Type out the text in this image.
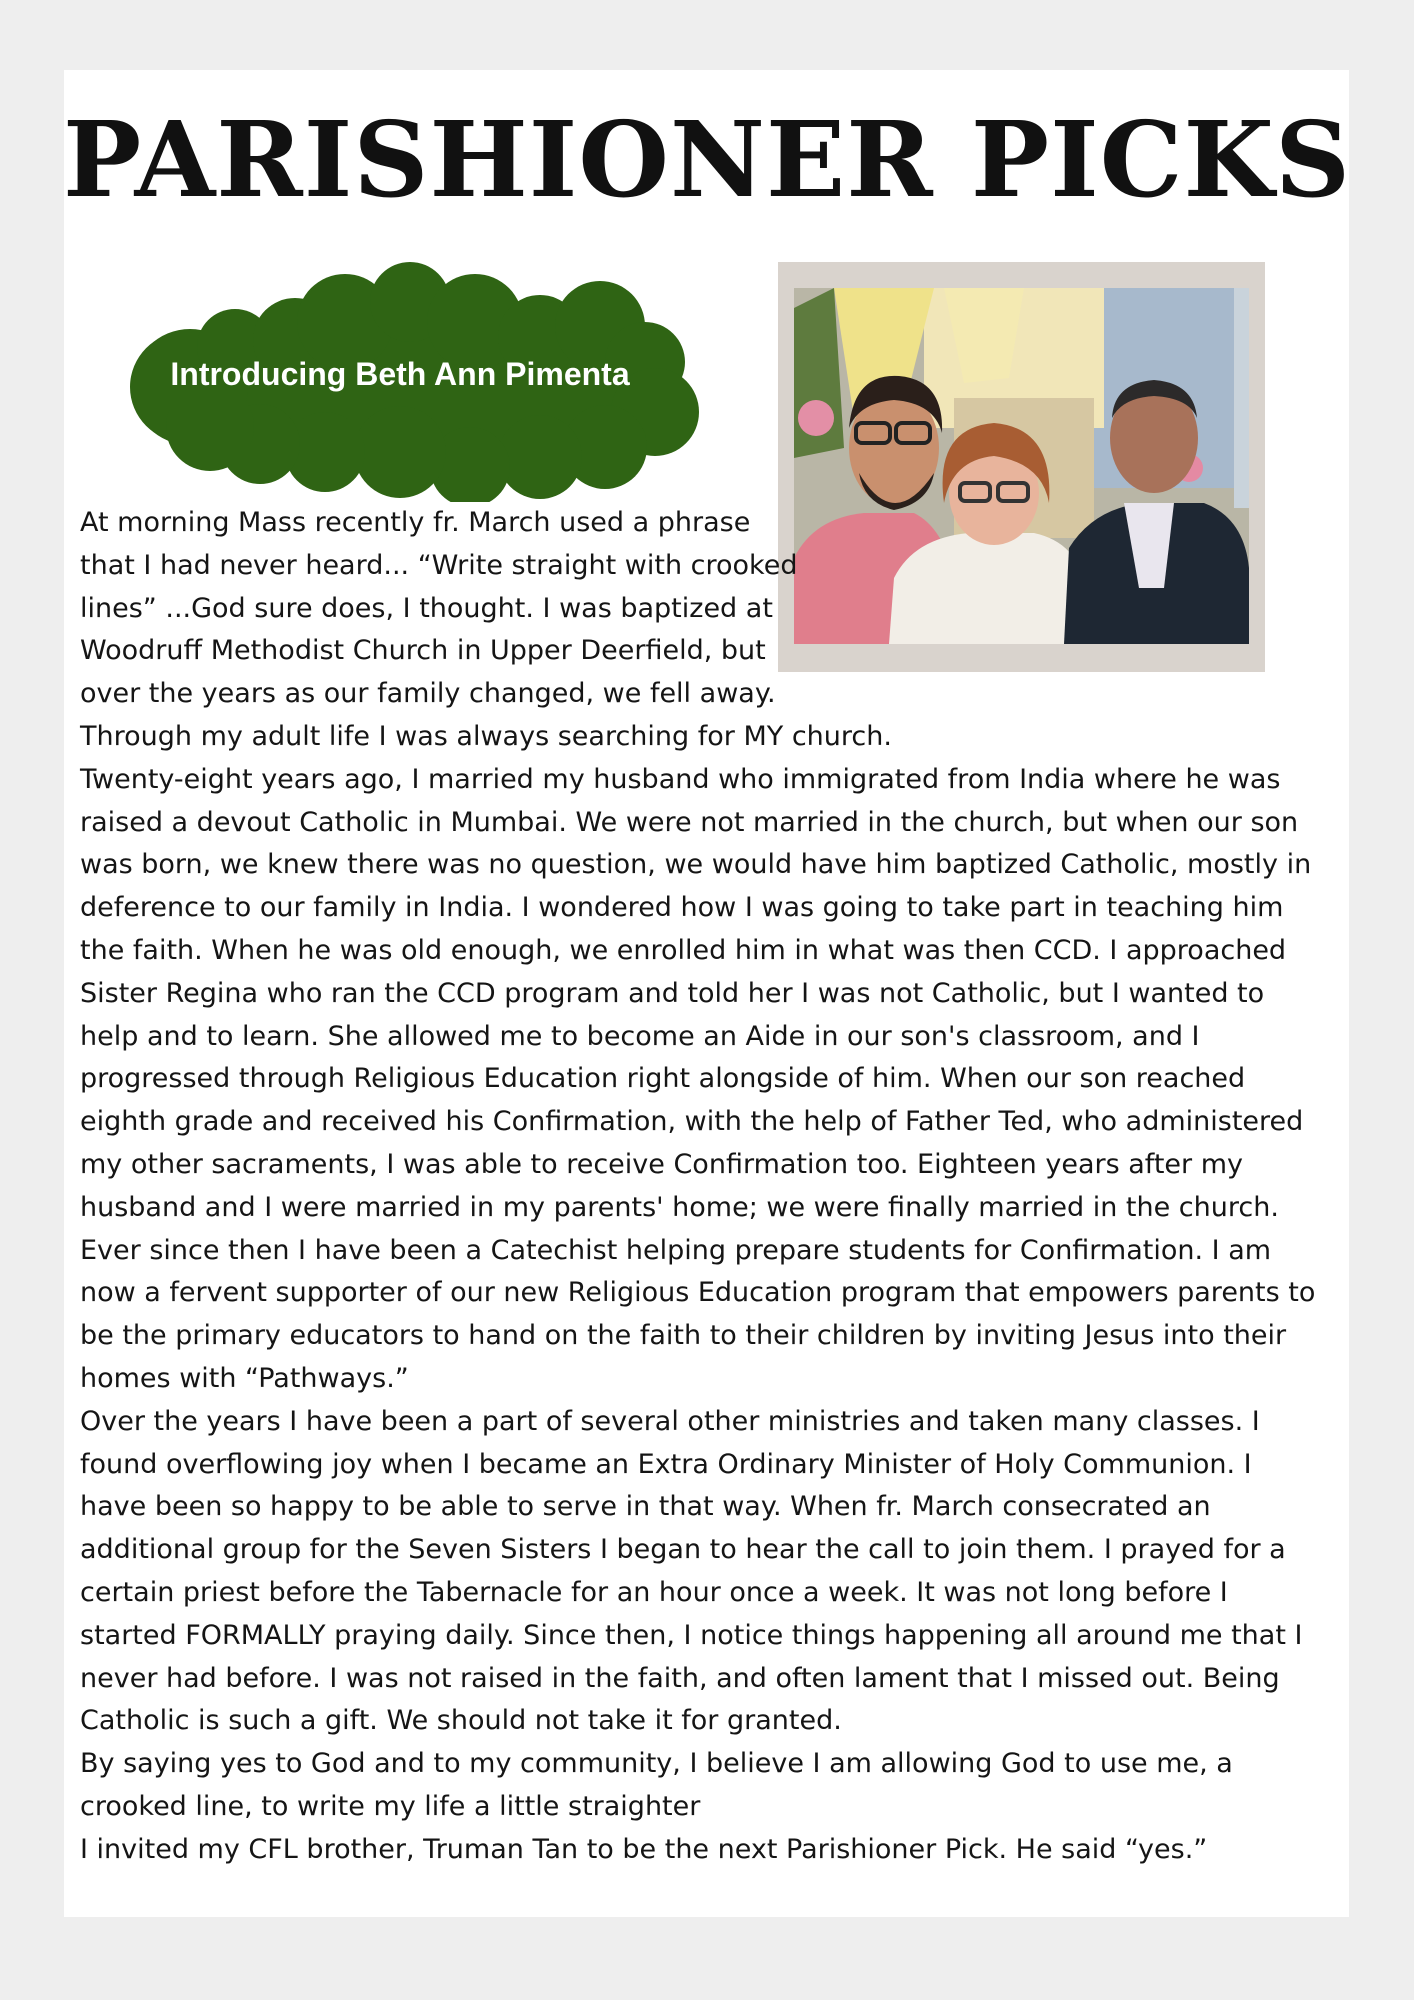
PARISHIONER PICKS
Introducing Beth Ann Pimenta

At morning Mass recently fr. March used a phrase that I had never heard... “Write straight with crooked lines” ...God sure does, I thought. I was baptized at Woodruff Methodist Church in Upper Deerfield, but over the years as our family changed, we fell away. Through my adult life I was always searching for MY church.

Twenty-eight years ago, I married my husband who immigrated from India where he was raised a devout Catholic in Mumbai. We were not married in the church, but when our son was born, we knew there was no question, we would have him baptized Catholic, mostly in deference to our family in India. I wondered how I was going to take part in teaching him the faith. When he was old enough, we enrolled him in what was then CCD. I approached Sister Regina who ran the CCD program and told her I was not Catholic, but I wanted to help and to learn. She allowed me to become an Aide in our son's classroom, and I progressed through Religious Education right alongside of him. When our son reached eighth grade and received his Confirmation, with the help of Father Ted, who administered my other sacraments, I was able to receive Confirmation too. Eighteen years after my husband and I were married in my parents' home; we were finally married in the church. Ever since then I have been a Catechist helping prepare students for Confirmation. I am now a fervent supporter of our new Religious Education program that empowers parents to be the primary educators to hand on the faith to their children by inviting Jesus into their homes with “Pathways.”

Over the years I have been a part of several other ministries and taken many classes. I found overflowing joy when I became an Extra Ordinary Minister of Holy Communion. I have been so happy to be able to serve in that way. When fr. March consecrated an additional group for the Seven Sisters I began to hear the call to join them. I prayed for a certain priest before the Tabernacle for an hour once a week. It was not long before I started FORMALLY praying daily. Since then, I notice things happening all around me that I never had before. I was not raised in the faith, and often lament that I missed out. Being Catholic is such a gift. We should not take it for granted.

By saying yes to God and to my community, I believe I am allowing God to use me, a crooked line, to write my life a little straighter

I invited my CFL brother, Truman Tan to be the next Parishioner Pick. He said “yes.”
